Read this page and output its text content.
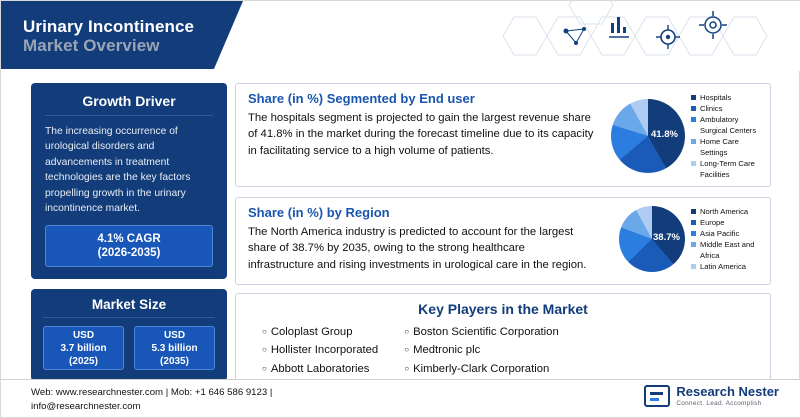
Urinary Incontinence
Market Overview
Growth Driver
The increasing occurrence of urological disorders and advancements in treatment technologies are the key factors propelling growth in the urinary incontinence market.
4.1% CAGR
(2026-2035)
Market Size
USD
3.7 billion
(2025)
USD
5.3 billion
(2035)
Share (in %) Segmented by End user
The hospitals segment is projected to gain the largest revenue share of 41.8% in the market during the forecast timeline due to its capacity in facilitating service to a high volume of patients.
41.8%
Hospitals
Clinics
Ambulatory Surgical Centers
Home Care Settings
Long-Term Care Facilities
Share (in %) by Region
The North America industry is predicted to account for the largest share of 38.7% by 2035, owing to the strong healthcare infrastructure and rising investments in urological care in the region.
38.7%
North America
Europe
Asia Pacific
Middle East and Africa
Latin America
Key Players in the Market
○ Coloplast Group
○ Hollister Incorporated
○ Abbott Laboratories
○ Boston Scientific Corporation
○ Medtronic plc
○ Kimberly-Clark Corporation
Web: www.researchnester.com | Mob: +1 646 586 9123 |
info@researchnester.com
Research Nester
Connect. Lead. Accomplish
